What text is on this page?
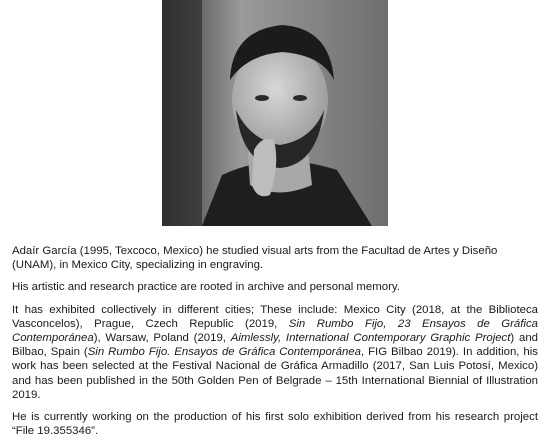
Adaír García (1995, Texcoco, Mexico) he studied visual arts from the Facultad de Artes y Diseño (UNAM), in Mexico City, specializing in engraving.

His artistic and research practice are rooted in archive and personal memory.

It has exhibited collectively in different cities; These include: Mexico City (2018, at the Biblioteca Vasconcelos), Prague, Czech Republic (2019, Sin Rumbo Fijo, 23 Ensayos de Gráfica Contemporánea), Warsaw, Poland (2019, Aimlessly, International Contemporary Graphic Project) and Bilbao, Spain (Sin Rumbo Fijo. Ensayos de Gráfica Contemporánea, FIG Bilbao 2019). In addition, his work has been selected at the Festival Nacional de Gráfica Armadillo (2017, San Luis Potosí, Mexico) and has been published in the 50th Golden Pen of Belgrade – 15th International Biennial of Illustration 2019.

He is currently working on the production of his first solo exhibition derived from his research project “File 19.355346”.
